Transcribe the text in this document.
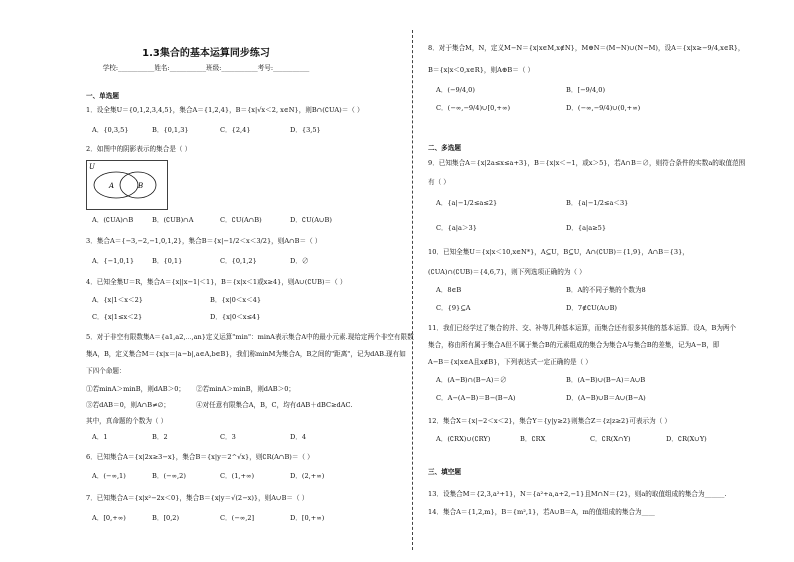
1.3集合的基本运算同步练习
学校:___________姓名:___________班级:___________考号:___________
一、单选题
1．设全集U＝{0,1,2,3,4,5}，集合A＝{1,2,4}，B＝{x|√x＜2, x∈N}，则B∩(∁UA)＝（ ）
A．{0,3,5}	B．{0,1,3}	C．{2,4}	D．{3,5}
2．如图中的阴影表示的集合是（ ）
U
A	B
A．(∁UA)∩B	B．(∁UB)∩A	C．∁U(A∩B)	D．∁U(A∪B)
3．集合A＝{−3,−2,−1,0,1,2}，集合B＝{x|−1/2＜x＜3/2}，则A∩B＝（ ）
A．{−1,0,1}	B．{0,1}	C．{0,1,2}	D．∅
4．已知全集U＝R，集合A＝{x||x−1|＜1}，B＝{x|x＜1或x≥4}，则A∪(∁UB)＝（ ）
A．{x|1＜x＜2}	B．{x|0＜x＜4}
C．{x|1≤x＜2}	D．{x|0＜x≤4}
5．对于非空有限数集A＝{a1,a2,⋯,an}定义运算"min"：minA表示集合A中的最小元素.现给定两个非空有限数
集A，B，定义集合M＝{x|x＝|a−b|,a∈A,b∈B}，我们称minM为集合A，B之间的"距离"，记为dAB.现有如
下四个命题：
①若minA＞minB，则dAB＞0； ②若minA＞minB，则dAB＞0；
③若dAB＝0，则A∩B≠∅；	④对任意有限集合A，B，C，均有dAB＋dBC≥dAC.
其中，真命题的个数为（ ）
A．1	B．2	C．3	D．4
6．已知集合A＝{x|2x≥3−x}，集合B＝{x|y＝2^√x}，则∁R(A∩B)＝（ ）
A．(−∞,1)	B．(−∞,2)	C．(1,+∞)	D．(2,+∞)
7．已知集合A＝{x|x²−2x＜0}，集合B＝{x|y＝√(2−x)}，则A∪B＝（ ）
A．[0,+∞)	B．[0,2)	C．(−∞,2]	D．[0,+∞)
8．对于集合M，N，定义M−N＝{x|x∈M,x∉N}，M⊕N＝(M−N)∪(N−M)，设A＝{x|x≥−9/4,x∈R}，
B＝{x|x＜0,x∈R}，则A⊕B＝（ ）
A．(−9/4,0)	B．[−9/4,0)
C．(−∞,−9/4)∪[0,+∞)	D．(−∞,−9/4)∪(0,+∞)
二、多选题
9．已知集合A＝{x|2a≤x≤a+3}，B＝{x|x＜−1，或x＞5}，若A∩B＝∅，则符合条件的实数a的取值范围
有（ ）
A．{a|−1/2≤a≤2}	B．{a|−1/2≤a＜3}
C．{a|a＞3}	D．{a|a≥5}
10．已知全集U＝{x|x＜10,x∈N*}，A⊆U，B⊆U，A∩(∁UB)＝{1,9}，A∩B＝{3}，
(∁UA)∩(∁UB)＝{4,6,7}，则下列选项正确的为（ ）
A．8∈B	B．A的不同子集的个数为8
C．{9}⊆A	D．7∉∁U(A∪B)
11．我们已经学过了集合的并、交、补等几种基本运算，而集合还有很多其他的基本运算．设A，B为两个
集合，称由所有属于集合A但不属于集合B的元素组成的集合为集合A与集合B的差集，记为A−B，即
A−B＝{x|x∈A且x∉B}，下列表达式一定正确的是（ ）
A．(A−B)∩(B−A)＝∅	B．(A−B)∪(B−A)＝A∪B
C．A−(A−B)＝B−(B−A)	D．(A−B)∪B＝A∪(B−A)
12．集合X＝{x|−2＜x＜2}，集合Y＝{y|y≥2}则集合Z＝{z|z≥2}可表示为（ ）
A．(∁RX)∪(∁RY)	B．∁RX	C．∁R(X∩Y)	D．∁R(X∪Y)
三、填空题
13．设集合M＝{2,3,a²+1}，N＝{a²+a,a+2,−1}且M∩N＝{2}，则a的取值组成的集合为______.
14．集合A＝{1,2,m}，B＝{m²,1}，若A∪B＝A，m的值组成的集合为____
